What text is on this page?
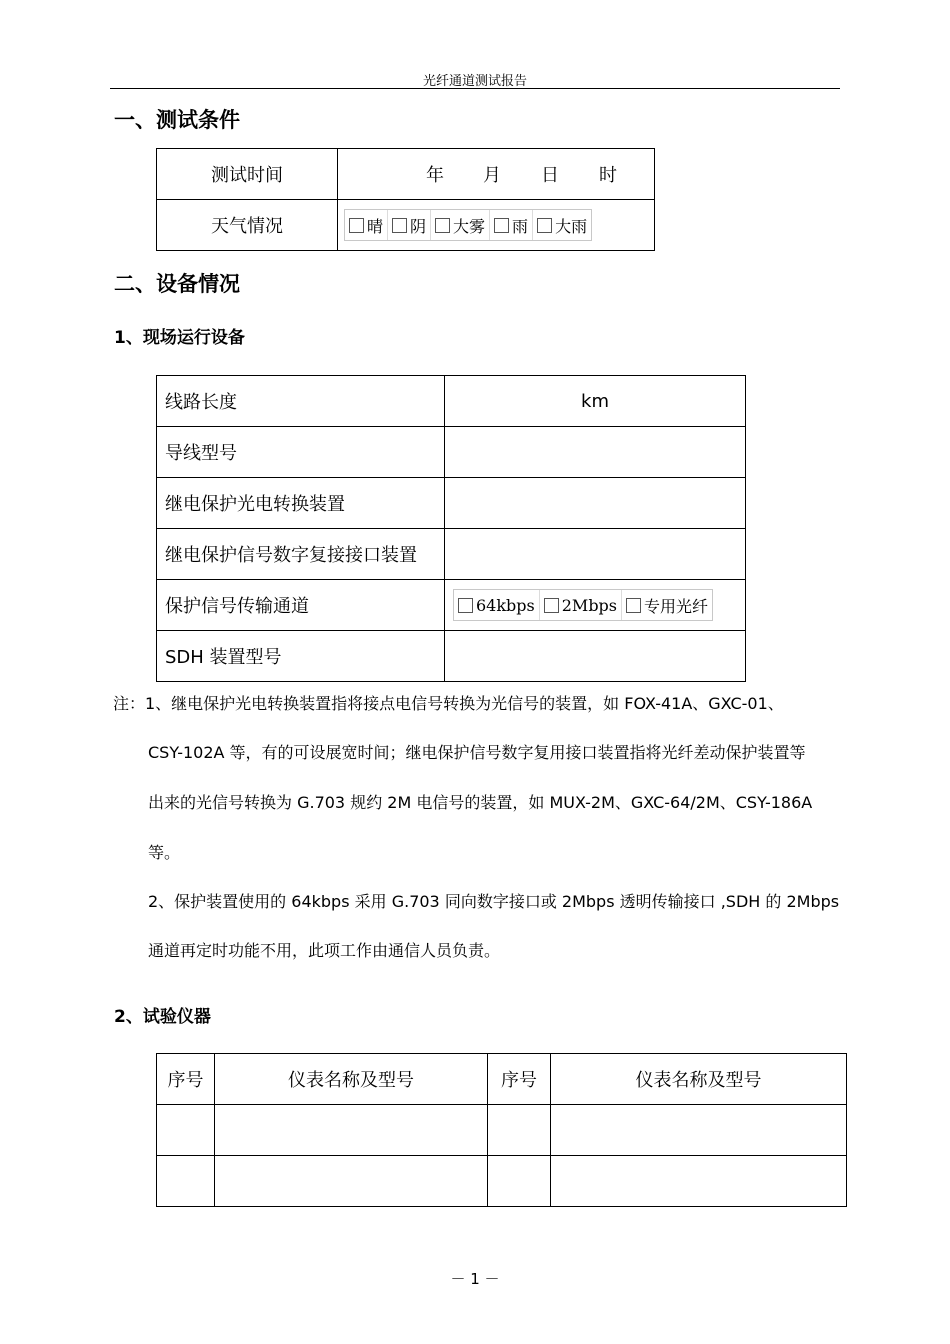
光纤通道测试报告
一、测试条件
测试时间	年 月 日 时

天气情况	晴 阴 大雾 雨 大雨
二、设备情况
1、现场运行设备
线路长度	km
导线型号	
继电保护光电转换装置	
继电保护信号数字复接接口装置	
保护信号传输通道	64kbps 2Mbps 专用光纤

SDH 装置型号	
注：1、继电保护光电转换装置指将接点电信号转换为光信号的装置，如 FOX-41A、GXC-01、
CSY-102A 等，有的可设展宽时间；继电保护信号数字复用接口装置指将光纤差动保护装置等
出来的光信号转换为 G.703 规约 2M 电信号的装置，如 MUX-2M、GXC-64/2M、CSY-186A
等。
2、保护装置使用的 64kbps 采用 G.703 同向数字接口或 2Mbps 透明传输接口 ,SDH 的 2Mbps
通道再定时功能不用，此项工作由通信人员负责。
2、试验仪器
序号	仪表名称及型号	序号	仪表名称及型号

－ 1 －
